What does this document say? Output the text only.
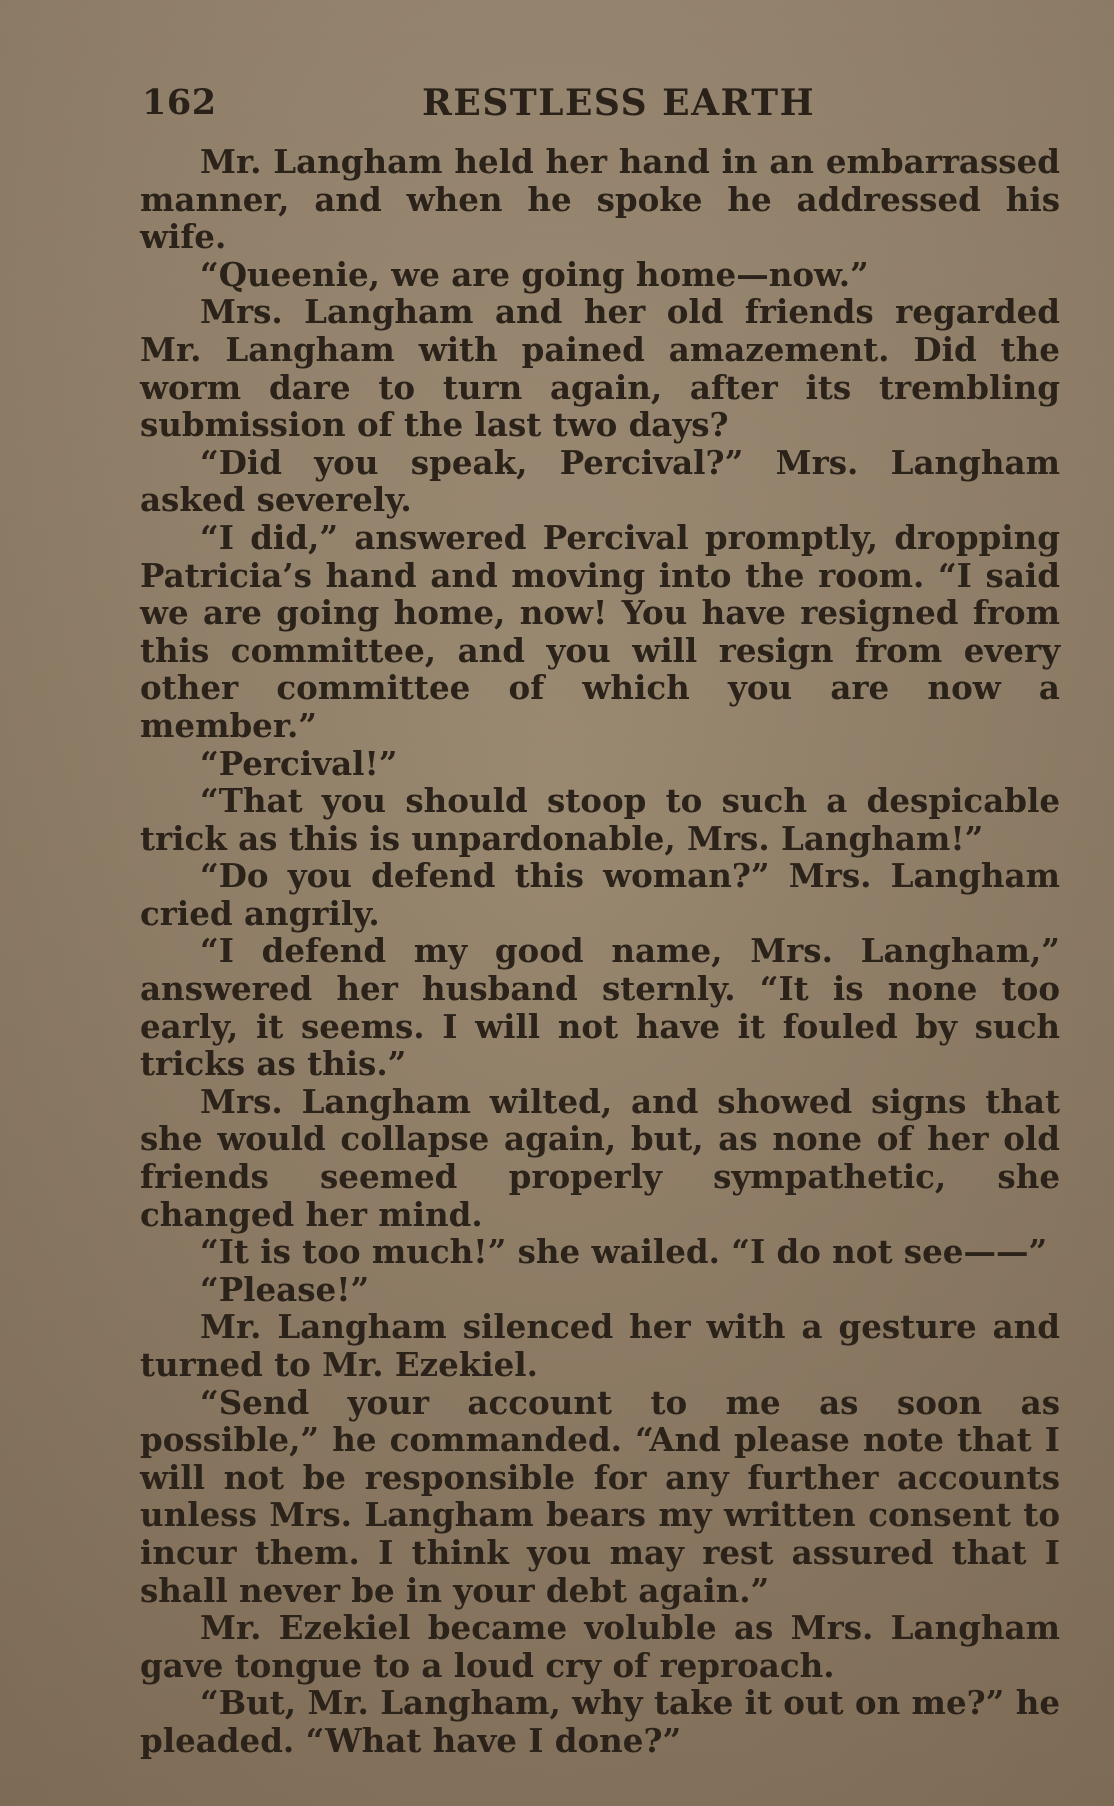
162	RESTLESS EARTH

Mr. Langham held her hand in an embarrassed manner, and when he spoke he addressed his wife.

“Queenie, we are going home—now.”

Mrs. Langham and her old friends regarded Mr. Langham with pained amazement. Did the worm dare to turn again, after its trembling submission of the last two days?

“Did you speak, Percival?” Mrs. Langham asked severely.

“I did,” answered Percival promptly, dropping Patricia’s hand and moving into the room. “I said we are going home, now! You have resigned from this committee, and you will resign from every other committee of which you are now a member.”

“Percival!”

“That you should stoop to such a despicable trick as this is unpardonable, Mrs. Langham!”

“Do you defend this woman?” Mrs. Langham cried angrily.

“I defend my good name, Mrs. Langham,” answered her husband sternly. “It is none too early, it seems. I will not have it fouled by such tricks as this.”

Mrs. Langham wilted, and showed signs that she would collapse again, but, as none of her old friends seemed properly sympathetic, she changed her mind.

“It is too much!” she wailed. “I do not see——”

“Please!”

Mr. Langham silenced her with a gesture and turned to Mr. Ezekiel.

“Send your account to me as soon as possible,” he commanded. “And please note that I will not be responsible for any further accounts unless Mrs. Langham bears my written consent to incur them. I think you may rest assured that I shall never be in your debt again.”

Mr. Ezekiel became voluble as Mrs. Langham gave tongue to a loud cry of reproach.

“But, Mr. Langham, why take it out on me?” he pleaded. “What have I done?”
